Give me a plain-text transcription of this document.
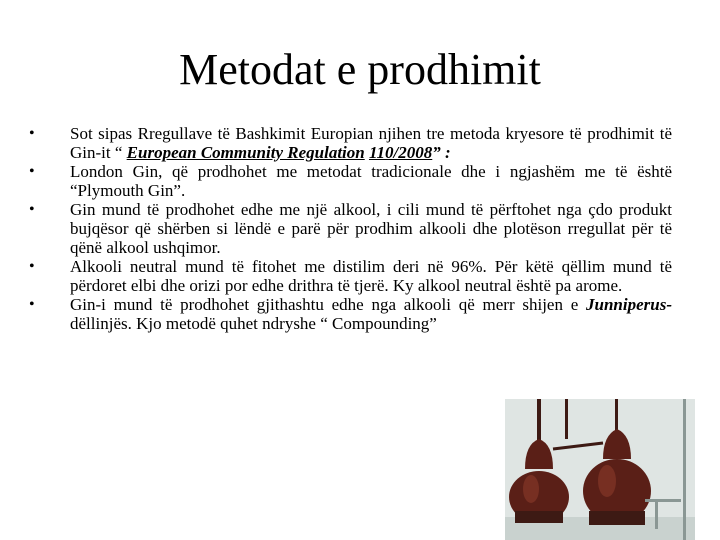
Metodat e prodhimit
• Sot sipas Rregullave të Bashkimit Europian njihen tre metoda kryesore të prodhimit të Gin-it “ European Community Regulation 110/2008” :
• London Gin, që prodhohet me metodat tradicionale dhe i ngjashëm me të është “Plymouth Gin”.
• Gin mund të prodhohet edhe me një alkool, i cili mund të përftohet nga çdo produkt bujqësor që shërben si lëndë e parë për prodhim alkooli dhe plotëson rregullat për të qënë alkool ushqimor.
• Alkooli neutral mund të fitohet me distilim deri në 96%. Për këtë qëllim mund të përdoret elbi dhe orizi por edhe drithra të tjerë. Ky alkool neutral është pa arome.
• Gin-i mund të prodhohet gjithashtu edhe nga alkooli që merr shijen e Junniperus- dëllinjës. Kjo metodë quhet ndryshe “ Compounding”
